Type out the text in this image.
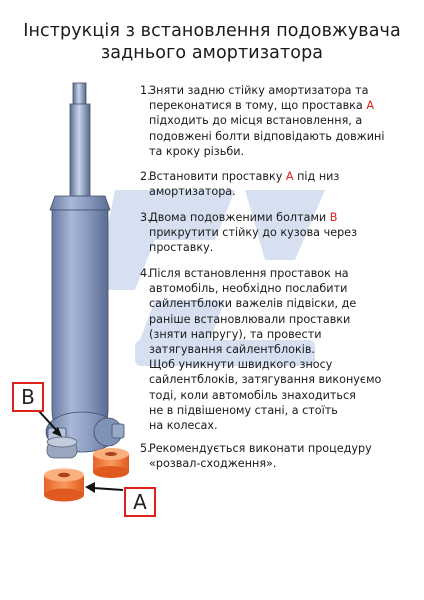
Інструкція з встановлення подовжувача
заднього амортизатора
B
A
1.
Зняти задню стійку амортизатора та
переконатися в тому, що проставка A
підходить до місця встановлення, а
подовжені болти відповідають довжині
та кроку різьби.
2.
Встановити проставку A під низ
амортизатора.
3.
Двома подовженими болтами B
прикрутити стійку до кузова через
проставку.
4.
Після встановлення проставок на
автомобіль, необхідно послабити
сайлентблоки важелів підвіски, де
раніше встановлювали проставки
(зняти напругу), та провести
затягування сайлентблоків.
Щоб уникнути швидкого зносу
сайлентблоків, затягування виконуємо
тоді, коли автомобіль знаходиться
не в підвішеному стані, а стоїть
на колесах.
5.
Рекомендується виконати процедуру
«розвал-сходження».
